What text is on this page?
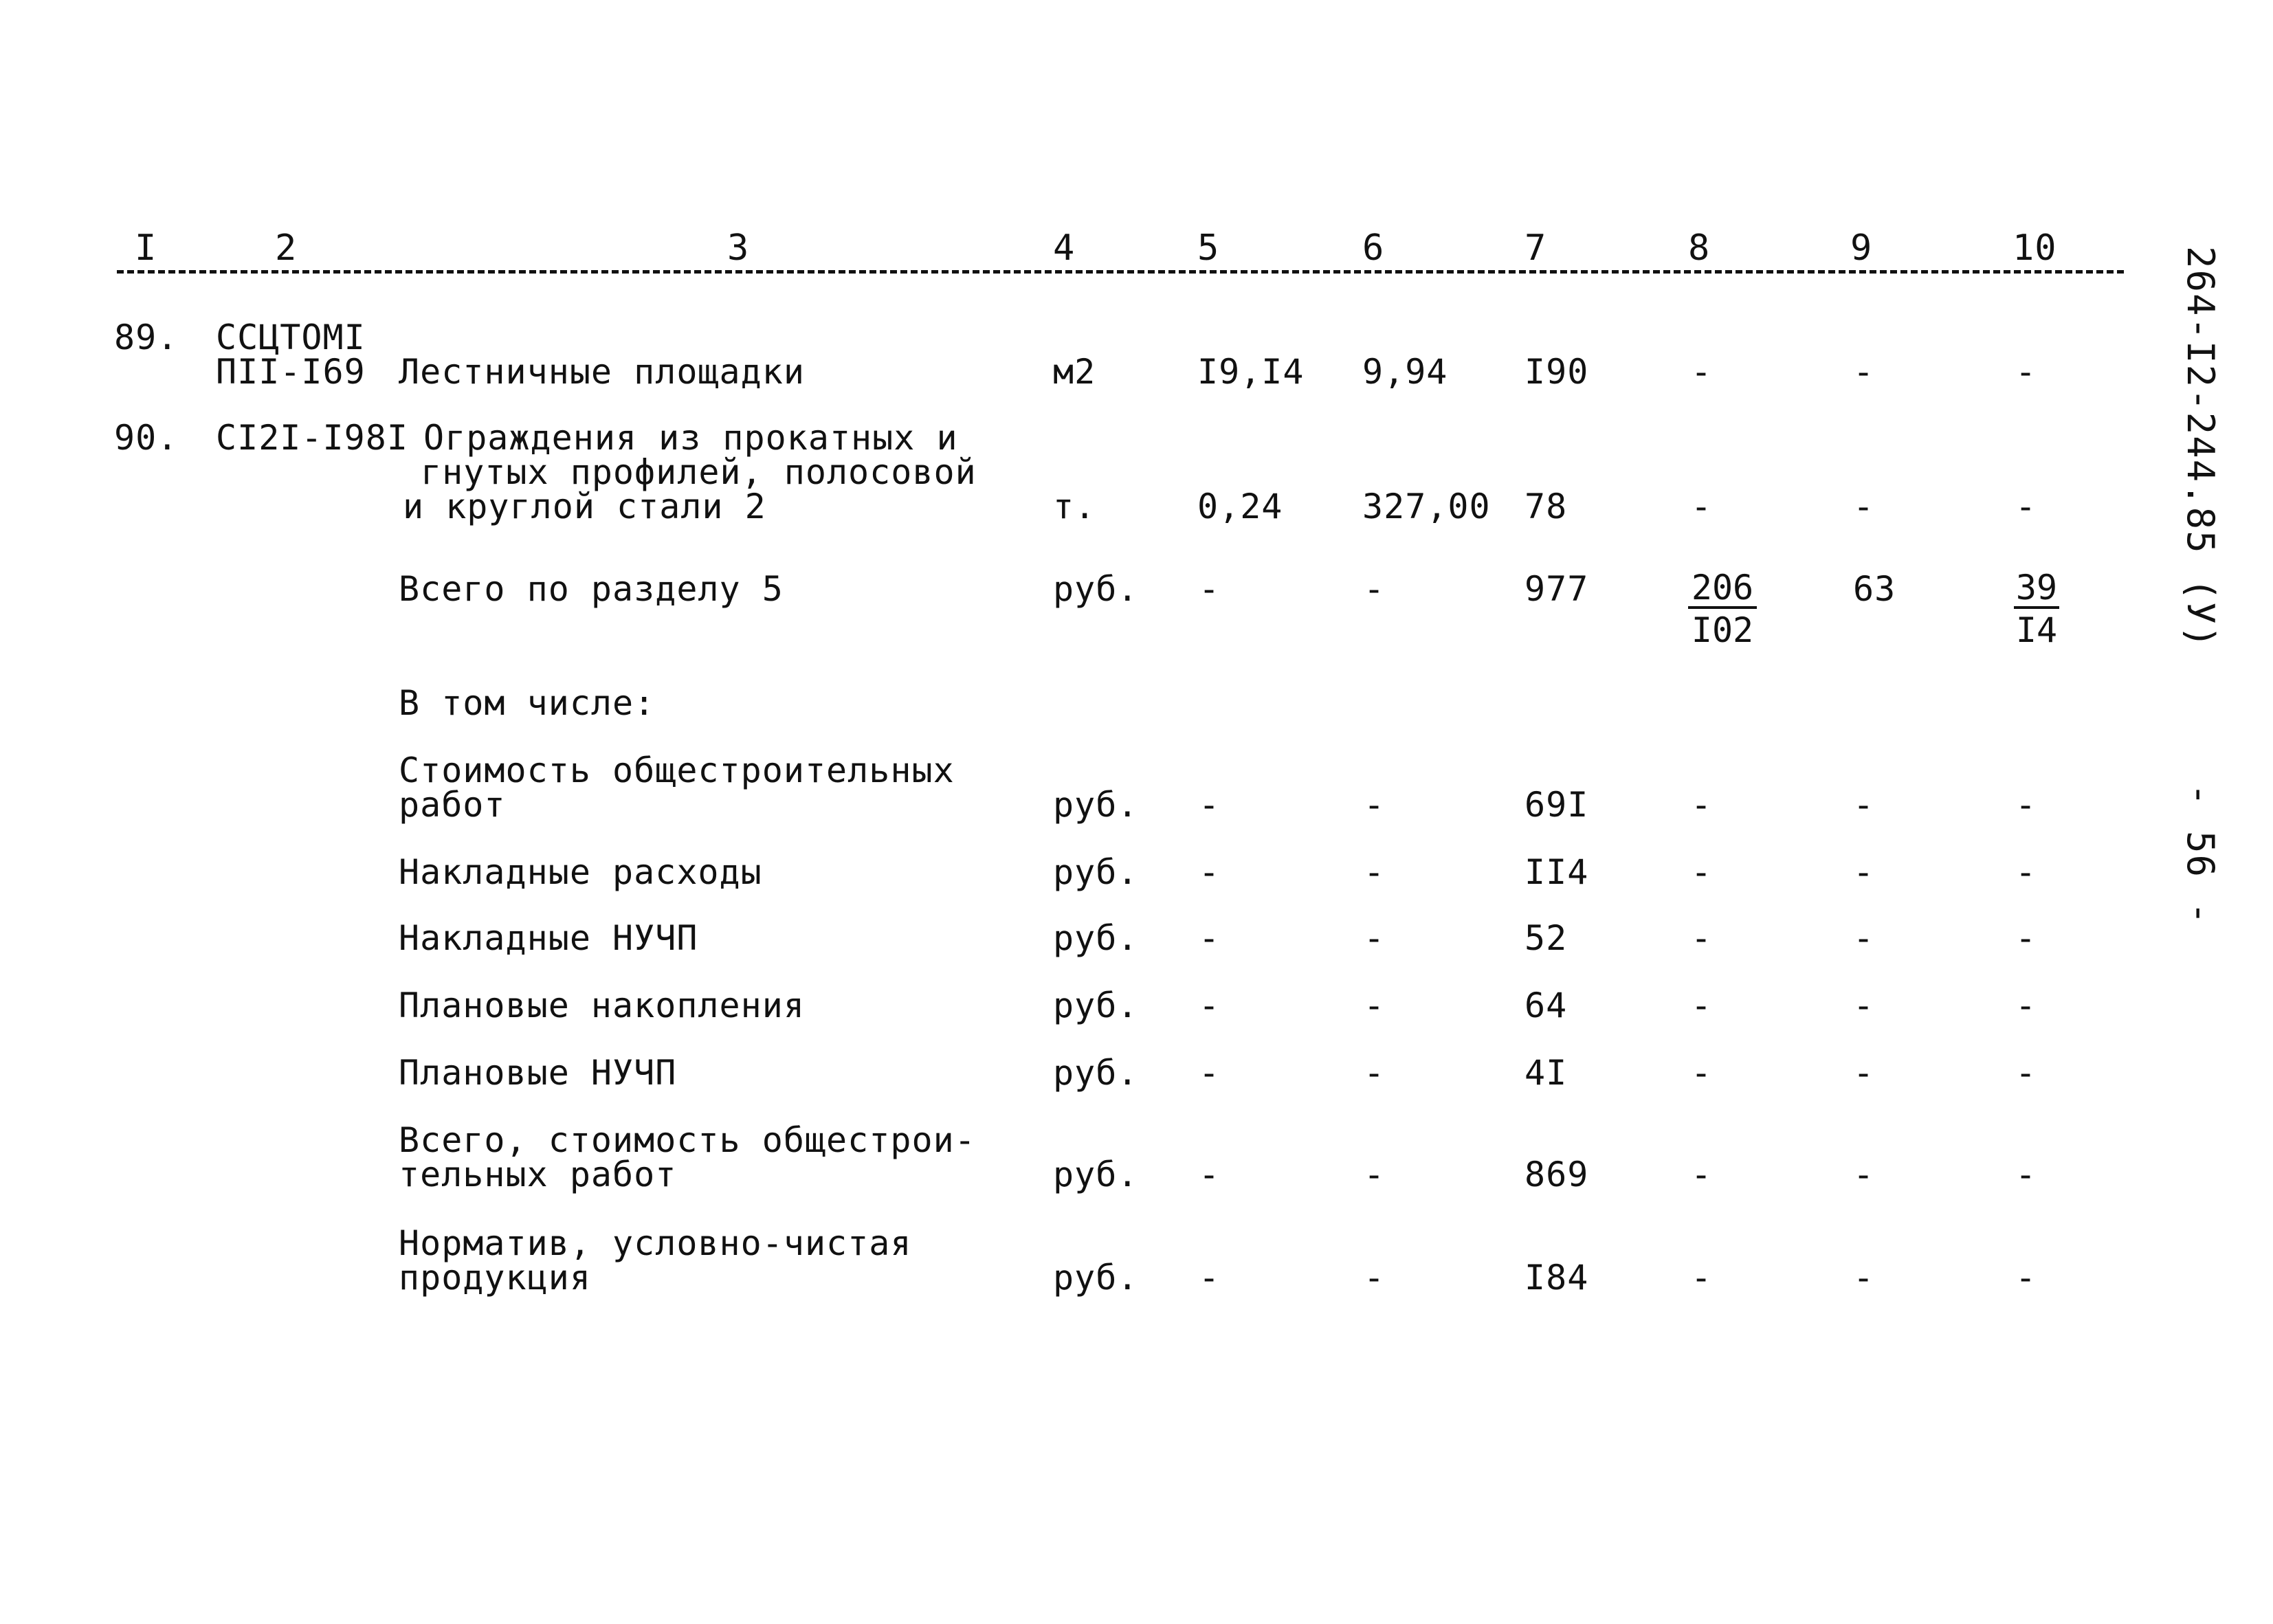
I	2	3	4	5	6	7	8	9	10	264-I2-244.85 (У)
- 56 -
89. ССЦТОМI
ПII-I69 Лестничные площадки	м2	I9,I4 9,94 I90	-	-	-
90. CI2I-I98I Ограждения из прокатных и
гнутых профилей, полосовой
и круглой стали 2	т.	0,24 327,00 78	-	-	-
Всего по разделу 5	руб. -	-	977	$\frac{206}{I02}$	63	$\frac{39}{I4}$
В том числе:
Стоимость общестроительных
работ	руб. -	-	69I	-	-	-
Накладные расходы	руб. -	-	II4	-	-	-
Накладные НУЧП	руб. -	-	52	-	-	-
Плановые накопления	руб. -	-	64	-	-	-
Плановые НУЧП	руб. -	-	4I	-	-	-
Всего, стоимость общестрои-
тельных работ	руб. -	-	869	-	-	-
Норматив, условно-чистая
продукция	руб. -	-	I84	-	-	-
